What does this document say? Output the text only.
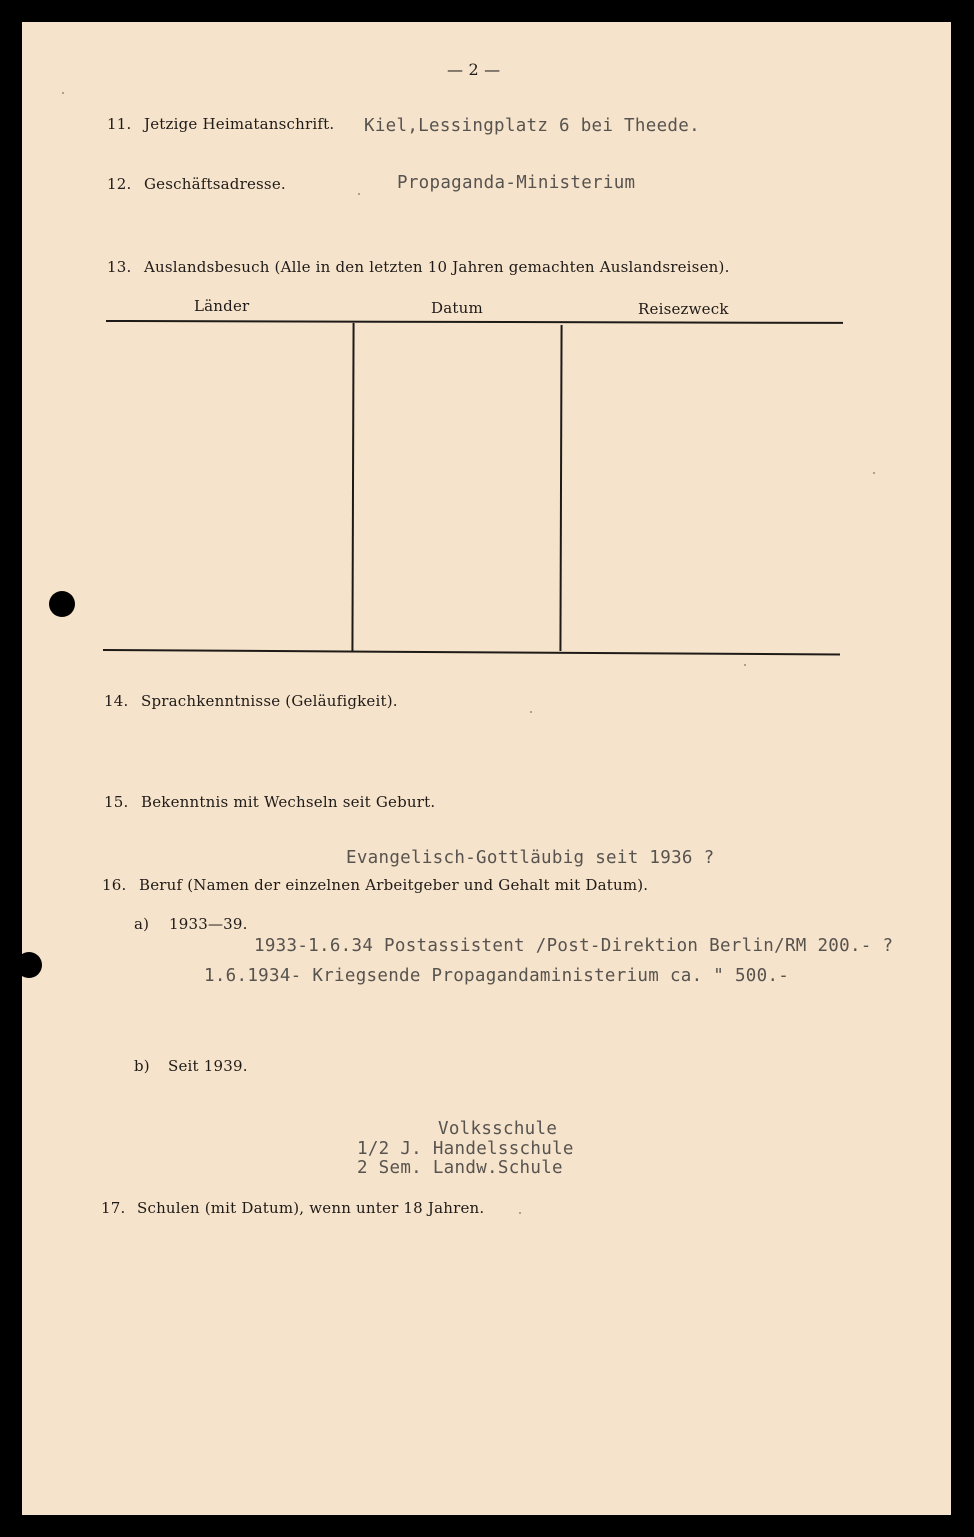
— 2 —
11. Jetzige Heimatanschrift. Kiel,Lessingplatz 6 bei Theede.
12. Geschäftsadresse.	Propaganda-Ministerium
13. Auslandsbesuch (Alle in den letzten 10 Jahren gemachten Auslandsreisen).
Länder	Datum	Reisezweck
14. Sprachkenntnisse (Geläufigkeit).
15. Bekenntnis mit Wechseln seit Geburt.
Evangelisch-Gottläubig seit 1936 ?
16. Beruf (Namen der einzelnen Arbeitgeber und Gehalt mit Datum).
a) 1933—39.
1933-1.6.34 Postassistent /Post-Direktion Berlin/RM 200.- ?
1.6.1934- Kriegsende Propagandaministerium ca. " 500.-
b) Seit 1939.
Volksschule
1/2 J. Handelsschule
2 Sem. Landw.Schule
17. Schulen (mit Datum), wenn unter 18 Jahren.
